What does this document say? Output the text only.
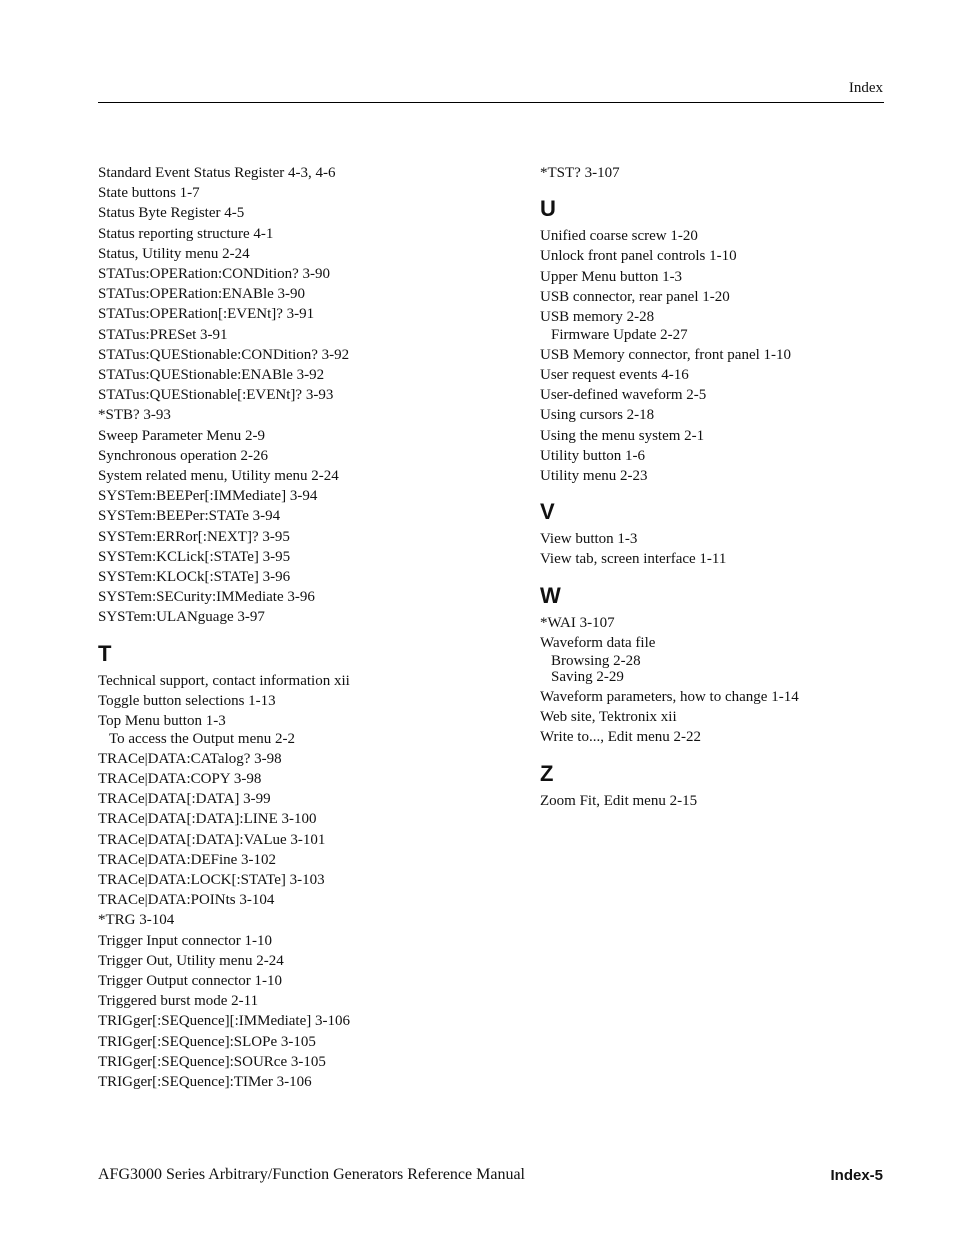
Index
Standard Event Status Register 4-3, 4-6
State buttons 1-7
Status Byte Register 4-5
Status reporting structure 4-1
Status, Utility menu 2-24
STATus:OPERation:CONDition? 3-90
STATus:OPERation:ENABle 3-90
STATus:OPERation[:EVENt]? 3-91
STATus:PRESet 3-91
STATus:QUEStionable:CONDition? 3-92
STATus:QUEStionable:ENABle 3-92
STATus:QUEStionable[:EVENt]? 3-93
*STB? 3-93
Sweep Parameter Menu 2-9
Synchronous operation 2-26
System related menu, Utility menu 2-24
SYSTem:BEEPer[:IMMediate] 3-94
SYSTem:BEEPer:STATe 3-94
SYSTem:ERRor[:NEXT]? 3-95
SYSTem:KCLick[:STATe] 3-95
SYSTem:KLOCk[:STATe] 3-96
SYSTem:SECurity:IMMediate 3-96
SYSTem:ULANguage 3-97
T
Technical support, contact information xii
Toggle button selections 1-13
Top Menu button 1-3
To access the Output menu 2-2
TRACe|DATA:CATalog? 3-98
TRACe|DATA:COPY 3-98
TRACe|DATA[:DATA] 3-99
TRACe|DATA[:DATA]:LINE 3-100
TRACe|DATA[:DATA]:VALue 3-101
TRACe|DATA:DEFine 3-102
TRACe|DATA:LOCK[:STATe] 3-103
TRACe|DATA:POINts 3-104
*TRG 3-104
Trigger Input connector 1-10
Trigger Out, Utility menu 2-24
Trigger Output connector 1-10
Triggered burst mode 2-11
TRIGger[:SEQuence][:IMMediate] 3-106
TRIGger[:SEQuence]:SLOPe 3-105
TRIGger[:SEQuence]:SOURce 3-105
TRIGger[:SEQuence]:TIMer 3-106
*TST? 3-107
U
Unified coarse screw 1-20
Unlock front panel controls 1-10
Upper Menu button 1-3
USB connector, rear panel 1-20
USB memory 2-28
Firmware Update 2-27
USB Memory connector, front panel 1-10
User request events 4-16
User-defined waveform 2-5
Using cursors 2-18
Using the menu system 2-1
Utility button 1-6
Utility menu 2-23
V
View button 1-3
View tab, screen interface 1-11
W
*WAI 3-107
Waveform data file
Browsing 2-28
Saving 2-29
Waveform parameters, how to change 1-14
Web site, Tektronix xii
Write to..., Edit menu 2-22
Z
Zoom Fit, Edit menu 2-15
AFG3000 Series Arbitrary/Function Generators Reference Manual	Index-5
